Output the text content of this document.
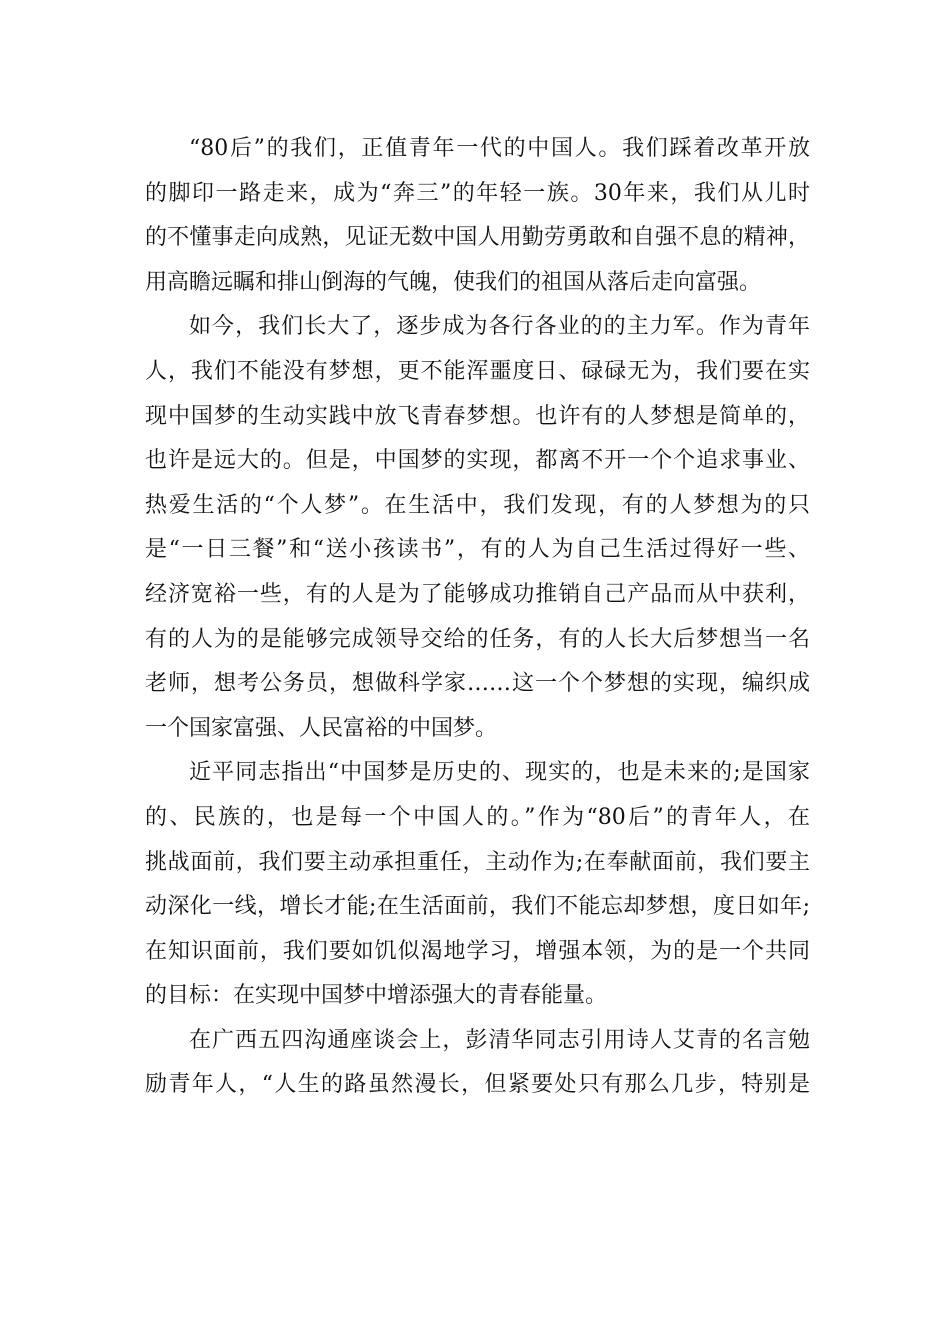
“80后”的我们，正值青年一代的中国人。我们踩着改革开放
的脚印一路走来，成为“奔三”的年轻一族。30年来，我们从儿时
的不懂事走向成熟，见证无数中国人用勤劳勇敢和自强不息的精神，
用高瞻远瞩和排山倒海的气魄，使我们的祖国从落后走向富强。
如今，我们长大了，逐步成为各行各业的的主力军。作为青年
人，我们不能没有梦想，更不能浑噩度日、碌碌无为，我们要在实
现中国梦的生动实践中放飞青春梦想。也许有的人梦想是简单的，
也许是远大的。但是，中国梦的实现，都离不开一个个追求事业、
热爱生活的“个人梦”。在生活中，我们发现，有的人梦想为的只
是“一日三餐”和“送小孩读书”，有的人为自己生活过得好一些、
经济宽裕一些，有的人是为了能够成功推销自己产品而从中获利，
有的人为的是能够完成领导交给的任务，有的人长大后梦想当一名
老师，想考公务员，想做科学家……这一个个梦想的实现，编织成
一个国家富强、人民富裕的中国梦。
近平同志指出“中国梦是历史的、现实的，也是未来的;是国家
的、民族的，也是每一个中国人的。”作为“80后”的青年人，在
挑战面前，我们要主动承担重任，主动作为;在奉献面前，我们要主
动深化一线，增长才能;在生活面前，我们不能忘却梦想，度日如年;
在知识面前，我们要如饥似渴地学习，增强本领，为的是一个共同
的目标：在实现中国梦中增添强大的青春能量。
在广西五四沟通座谈会上，彭清华同志引用诗人艾青的名言勉
励青年人，“人生的路虽然漫长，但紧要处只有那么几步，特别是
